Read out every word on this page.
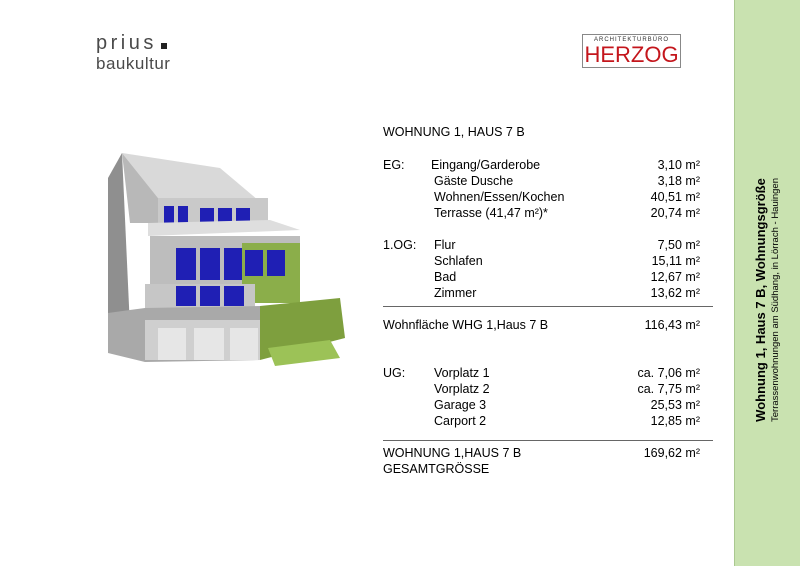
prius
baukultur
ARCHITEKTURBÜRO
HERZOG
WOHNUNG 1, HAUS 7 B
EG: Eingang/Garderobe	3,10 m²
Gäste Dusche	3,18 m²
Wohnen/Essen/Kochen	40,51 m²
Terrasse (41,47 m²)*	20,74 m²
1.OG: Flur	7,50 m²
Schlafen	15,11 m²
Bad	12,67 m²
Zimmer	13,62 m²
Wohnfläche WHG 1,Haus 7 B	116,43 m²
UG: Vorplatz 1	ca. 7,06 m²
Vorplatz 2	ca. 7,75 m²
Garage 3	25,53 m²
Carport 2	12,85 m²
WOHNUNG 1,HAUS 7 B	169,62 m²
GESAMTGRÖSSE
Wohnung 1, Haus 7 B, Wohnungsgröße Terrassenwohnungen am Südhang, in Lörrach - Hauingen
